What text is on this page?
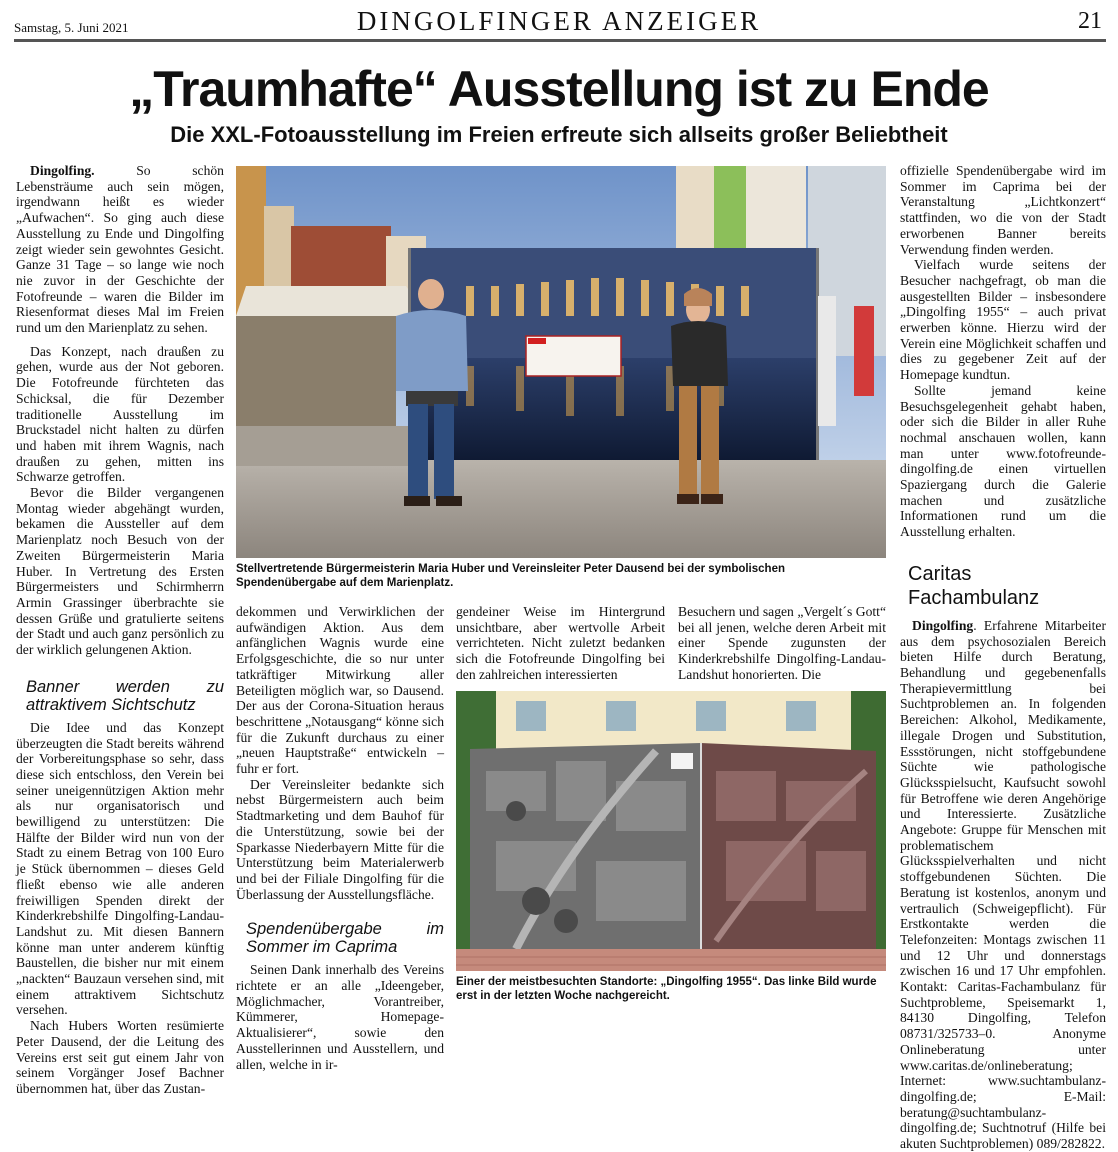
Samstag, 5. Juni 2021	DINGOLFINGER ANZEIGER	21
„Traumhafte“ Ausstellung ist zu Ende
Die XXL-Fotoausstellung im Freien erfreute sich allseits großer Beliebtheit

Dingolfing.	So schön Lebensträume auch sein mögen, irgendwann heißt es wieder „Aufwachen“. So ging auch diese Ausstellung zu Ende und Dingolfing zeigt wieder sein gewohntes Gesicht. Ganze 31 Tage – so lange wie noch nie zuvor in der Geschichte der Fotofreunde – waren die Bilder im Riesenformat dieses Mal im Freien rund um den Marienplatz zu sehen.

Das Konzept, nach draußen zu gehen, wurde aus der Not geboren. Die Fotofreunde fürchteten das Schicksal, die für Dezember traditionelle Ausstellung im Bruckstadel nicht halten zu dürfen und haben mit ihrem Wagnis, nach draußen zu gehen, mitten ins Schwarze getroffen.

Bevor die Bilder vergangenen Montag wieder abgehängt wurden, bekamen die Aussteller auf dem Marienplatz noch Besuch von der Zweiten Bürgermeisterin Maria Huber. In Vertretung des Ersten Bürgermeisters und Schirmherrn Armin Grassinger überbrachte sie dessen Grüße und gratulierte seitens der Stadt und auch ganz persönlich zu der wirklich gelungenen Aktion.

Banner werden zu attraktivem Sichtschutz

Die Idee und das Konzept überzeugten die Stadt bereits während der Vorbereitungsphase so sehr, dass diese sich entschloss, den Verein bei seiner uneigennützigen Aktion mehr als nur organisatorisch und bewilligend zu unterstützen: Die Hälfte der Bilder wird nun von der Stadt zu einem Betrag von 100 Euro je Stück übernommen – dieses Geld fließt ebenso wie alle anderen freiwilligen Spenden direkt der Kinderkrebshilfe Dingolfing-Landau-Landshut zu. Mit diesen Bannern könne man unter anderem künftig Baustellen, die bisher nur mit einem „nackten“ Bauzaun versehen sind, mit einem attraktivem Sichtschutz versehen.

Nach Hubers Worten resümierte Peter Dausend, der die Leitung des Vereins erst seit gut einem Jahr von seinem Vorgänger Josef Bachner übernommen hat, über das Zustan-

Stellvertretende Bürgermeisterin Maria Huber und Vereinsleiter Peter Dausend bei der symbolischen Spendenübergabe auf dem Marienplatz.

dekommen und Verwirklichen der aufwändigen Aktion. Aus dem anfänglichen Wagnis wurde eine Erfolgsgeschichte, die so nur unter tatkräftiger Mitwirkung aller Beteiligten möglich war, so Dausend. Der aus der Corona-Situation heraus beschrittene „Notausgang“ könne sich für die Zukunft durchaus zu einer „neuen Hauptstraße“ entwickeln – fuhr er fort.

Der Vereinsleiter bedankte sich nebst Bürgermeistern auch beim Stadtmarketing und dem Bauhof für die Unterstützung, sowie bei der Sparkasse Niederbayern Mitte für die Unterstützung beim Materialerwerb und bei der Filiale Dingolfing für die Überlassung der Ausstellungsfläche.

Spendenübergabe im Sommer im Caprima

Seinen Dank innerhalb des Vereins richtete er an alle „Ideengeber, Möglichmacher, Vorantreiber, Kümmerer, Homepage-Aktualisierer“, sowie den Ausstellerinnen und Ausstellern, und allen, welche in ir-

gendeiner Weise im Hintergrund unsichtbare, aber wertvolle Arbeit verrichteten. Nicht zuletzt bedanken sich die Fotofreunde Dingolfing bei den zahlreichen interessierten

Besuchern und sagen „Vergelt´s Gott“ bei all jenen, welche deren Arbeit mit einer Spende zugunsten der Kinderkrebshilfe Dingolfing-Landau-Landshut honorierten. Die

Einer der meistbesuchten Standorte: „Dingolfing 1955“. Das linke Bild wurde erst in der letzten Woche nachgereicht.

offizielle Spendenübergabe wird im Sommer im Caprima bei der Veranstaltung „Lichtkonzert“ stattfinden, wo die von der Stadt erworbenen Banner bereits Verwendung finden werden.

Vielfach wurde seitens der Besucher nachgefragt, ob man die ausgestellten Bilder – insbesondere „Dingolfing 1955“ – auch privat erwerben könne. Hierzu wird der Verein eine Möglichkeit schaffen und dies zu gegebener Zeit auf der Homepage kundtun.

Sollte jemand keine Besuchsgelegenheit gehabt haben, oder sich die Bilder in aller Ruhe nochmal anschauen wollen, kann man unter www.fotofreunde-dingolfing.de einen virtuellen Spaziergang durch die Galerie machen und zusätzliche Informationen rund um die Ausstellung erhalten.

Caritas Fachambulanz

Dingolfing. Erfahrene Mitarbeiter aus dem psychosozialen Bereich bieten Hilfe durch Beratung, Behandlung und gegebenenfalls Therapievermittlung bei Suchtproblemen an. In folgenden Bereichen: Alkohol, Medikamente, illegale Drogen und Substitution, Essstörungen, nicht stoffgebundene Süchte wie pathologische Glücksspielsucht, Kaufsucht sowohl für Betroffene wie deren Angehörige und Interessierte. Zusätzliche Angebote: Gruppe für Menschen mit problematischem Glücksspielverhalten und nicht stoffgebundenen Süchten. Die Beratung ist kostenlos, anonym und vertraulich (Schweigepflicht). Für Erstkontakte werden die Telefonzeiten: Montags zwischen 11 und 12 Uhr und donnerstags zwischen 16 und 17 Uhr empfohlen. Kontakt: Caritas-Fachambulanz für Suchtprobleme, Speisemarkt 1, 84130 Dingolfing, Telefon 08731/325733–0. Anonyme Onlineberatung unter www.caritas.de/onlineberatung; Internet: www.suchtambulanz-dingolfing.de; E-Mail: beratung@suchtambulanz-dingolfing.de; Suchtnotruf (Hilfe bei akuten Suchtproblemen) 089/282822.
